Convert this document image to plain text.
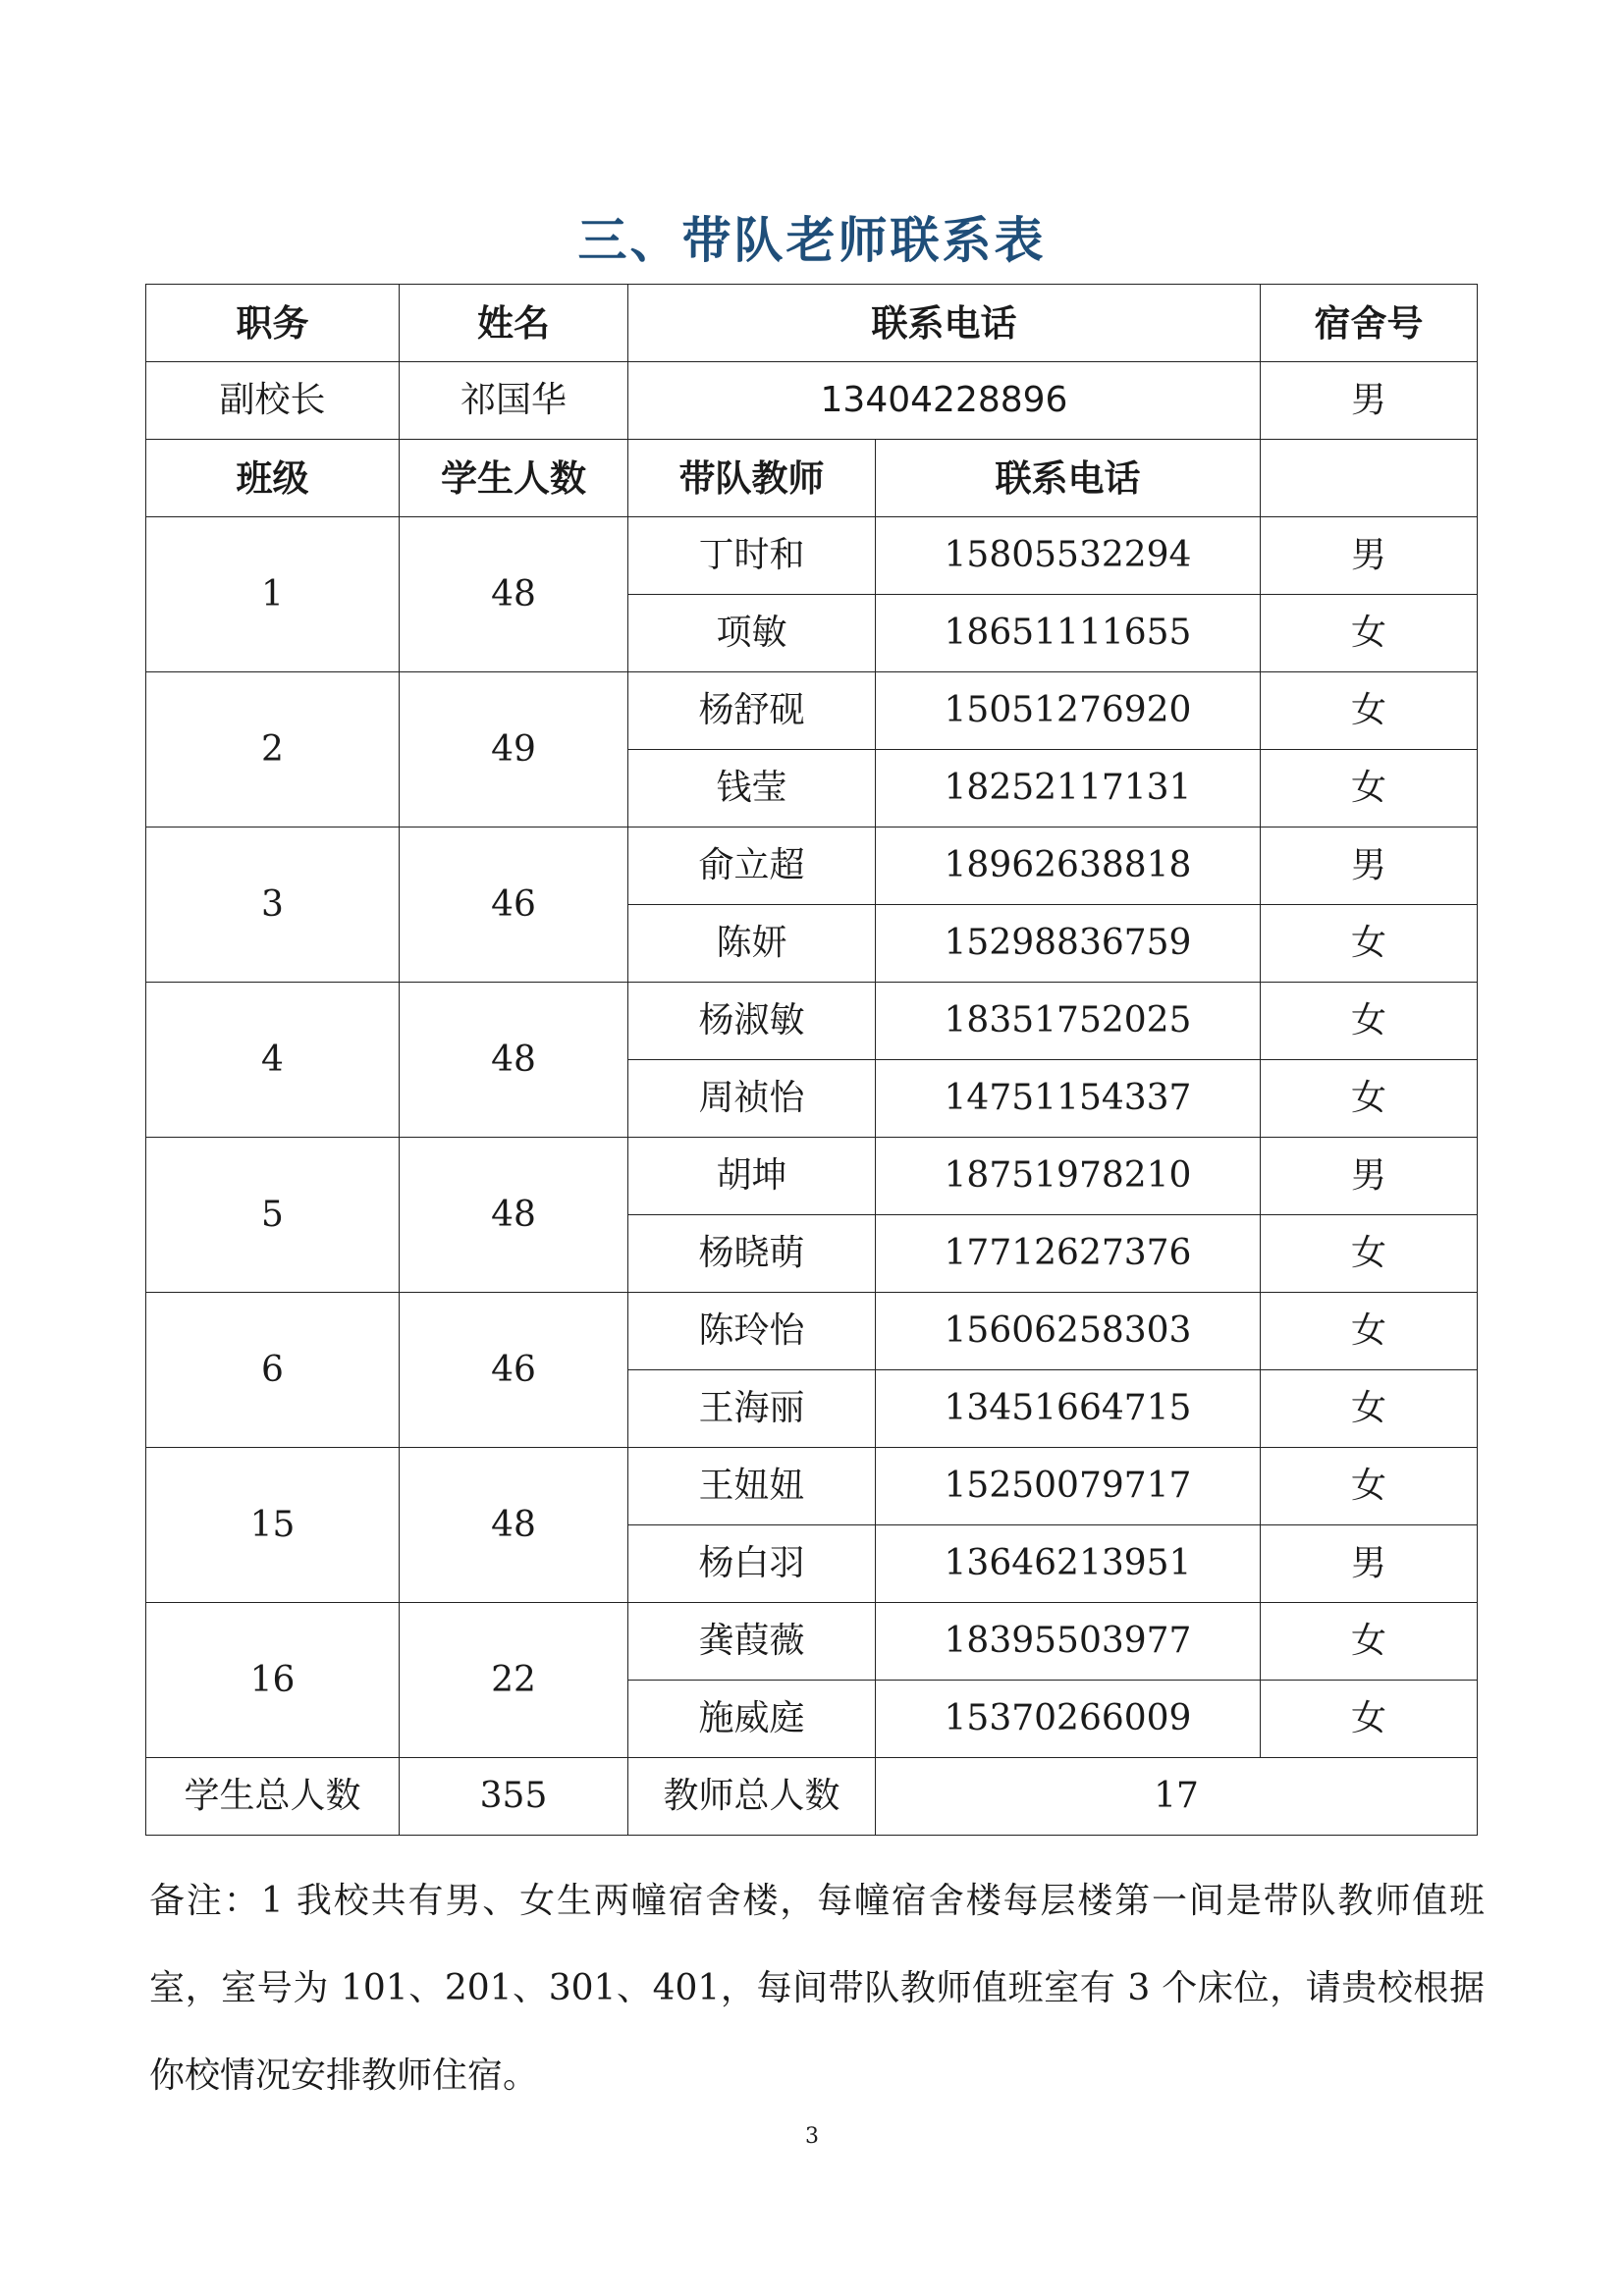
三、带队老师联系表
职务	姓名	联系电话		宿舍号
副校长	祁国华	13404228896		男
班级	学生人数	带队教师	联系电话	
1	48	丁时和	15805532294	男
		项敏	18651111655	女
2	49	杨舒砚	15051276920	女
		钱莹	18252117131	女
3	46	俞立超	18962638818	男
		陈妍	15298836759	女
4	48	杨淑敏	18351752025	女
		周祯怡	14751154337	女
5	48	胡坤	18751978210	男
		杨晓萌	17712627376	女
6	46	陈玲怡	15606258303	女
		王海丽	13451664715	女
15	48	王妞妞	15250079717	女
		杨白羽	13646213951	男
16	22	龚葭薇	18395503977	女
		施威庭	15370266009	女
学生总人数	355	教师总人数	17	
备注：1 我校共有男、女生两幢宿舍楼，每幢宿舍楼每层楼第一间是带队教师值班室，室号为 101、201、301、401，每间带队教师值班室有 3 个床位，请贵校根据你校情况安排教师住宿。
3
